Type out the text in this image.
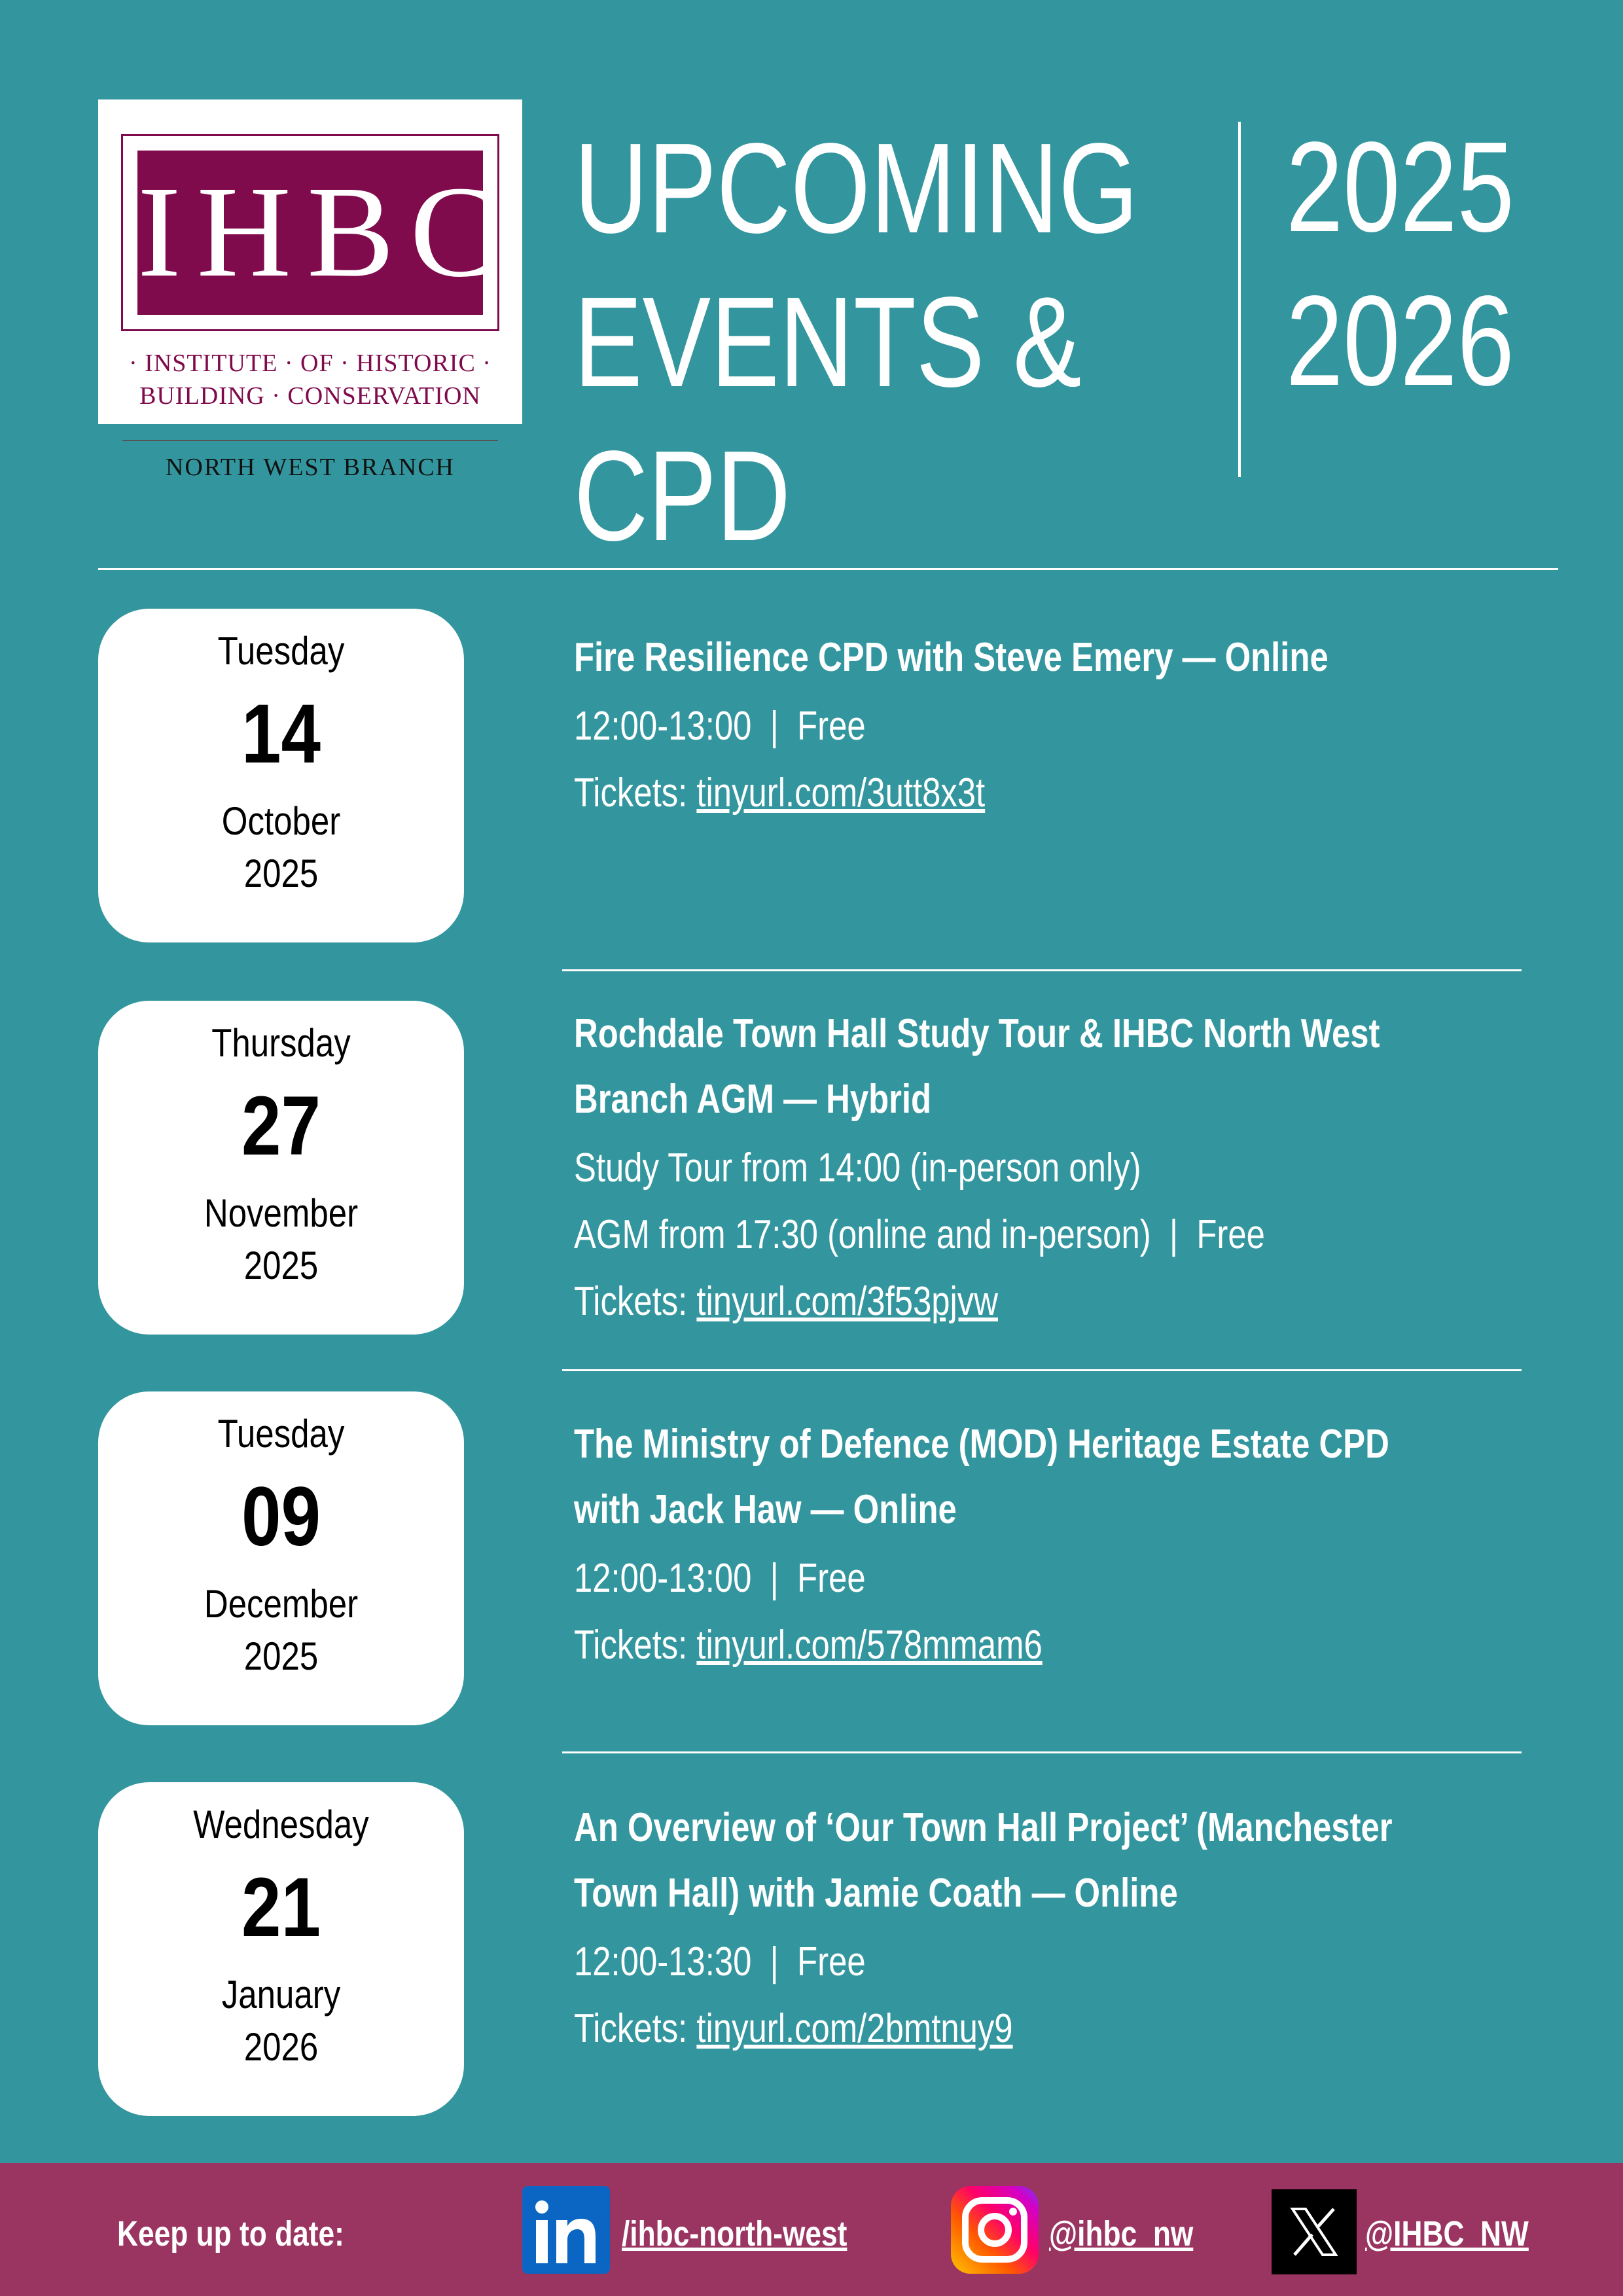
IHBC
· INSTITUTE · OF · HISTORIC ·
BUILDING · CONSERVATION
NORTH WEST BRANCH
UPCOMING
EVENTS &
CPD
2025
2026
Tuesday
14
October
2025
Fire Resilience CPD with Steve Emery — Online
12:00-13:00  |  Free
Tickets: tinyurl.com/3utt8x3t
Thursday
27
November
2025
Rochdale Town Hall Study Tour & IHBC North West
Branch AGM — Hybrid
Study Tour from 14:00 (in-person only)
AGM from 17:30 (online and in-person)  |  Free
Tickets: tinyurl.com/3f53pjvw
Tuesday
09
December
2025
The Ministry of Defence (MOD) Heritage Estate CPD
with Jack Haw — Online
12:00-13:00  |  Free
Tickets: tinyurl.com/578mmam6
Wednesday
21
January
2026
An Overview of ‘Our Town Hall Project’ (Manchester
Town Hall) with Jamie Coath — Online
12:00-13:30  |  Free
Tickets: tinyurl.com/2bmtnuy9
Keep up to date:	/ihbc-north-west	@ihbc_nw	@IHBC_NW
